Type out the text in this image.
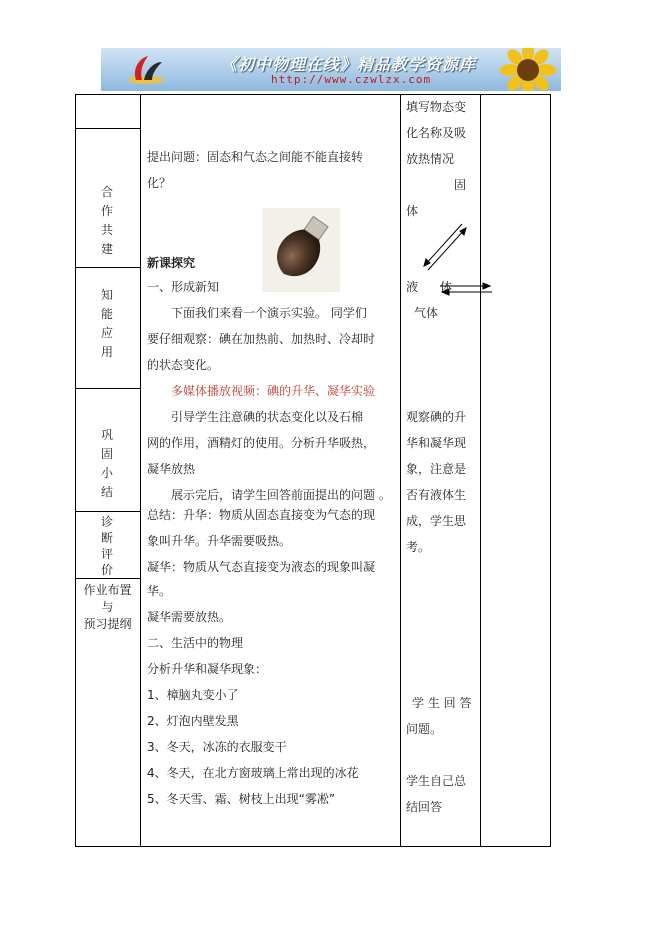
《初中物理在线》精品教学资源库
http://www.czwlzx.com
合
作
共
建
知
能
应
用
巩
固
小
结
诊
断
评
价
作业布置
与
预习提纲
提出问题：固态和气态之间能不能直接转
化？
新课探究
一、形成新知
下面我们来看一个演示实验。 同学们
要仔细观察：碘在加热前、加热时、冷却时
的状态变化。
多媒体播放视频：碘的升华、凝华实验
引导学生注意碘的状态变化以及石棉
网的作用，酒精灯的使用。分析升华吸热，
凝华放热
展示完后，请学生回答前面提出的问题 。
总结：升华：物质从固态直接变为气态的现
象叫升华。升华需要吸热。
凝华：物质从气态直接变为液态的现象叫凝
华。
凝华需要放热。
二、生活中的物理
分析升华和凝华现象：
1、樟脑丸变小了
2、灯泡内壁发黑
3、冬天，冰冻的衣服变干
4、冬天，在北方窗玻璃上常出现的冰花
5、冬天雪、霜、树枝上出现“雾凇”
填写物态变
化名称及吸
放热情况
固
体
液 体
气体
观察碘的升
华和凝华现
象，注意是
否有液体生
成，学生思
考。
学 生 回 答
问题。
学生自己总
结回答
